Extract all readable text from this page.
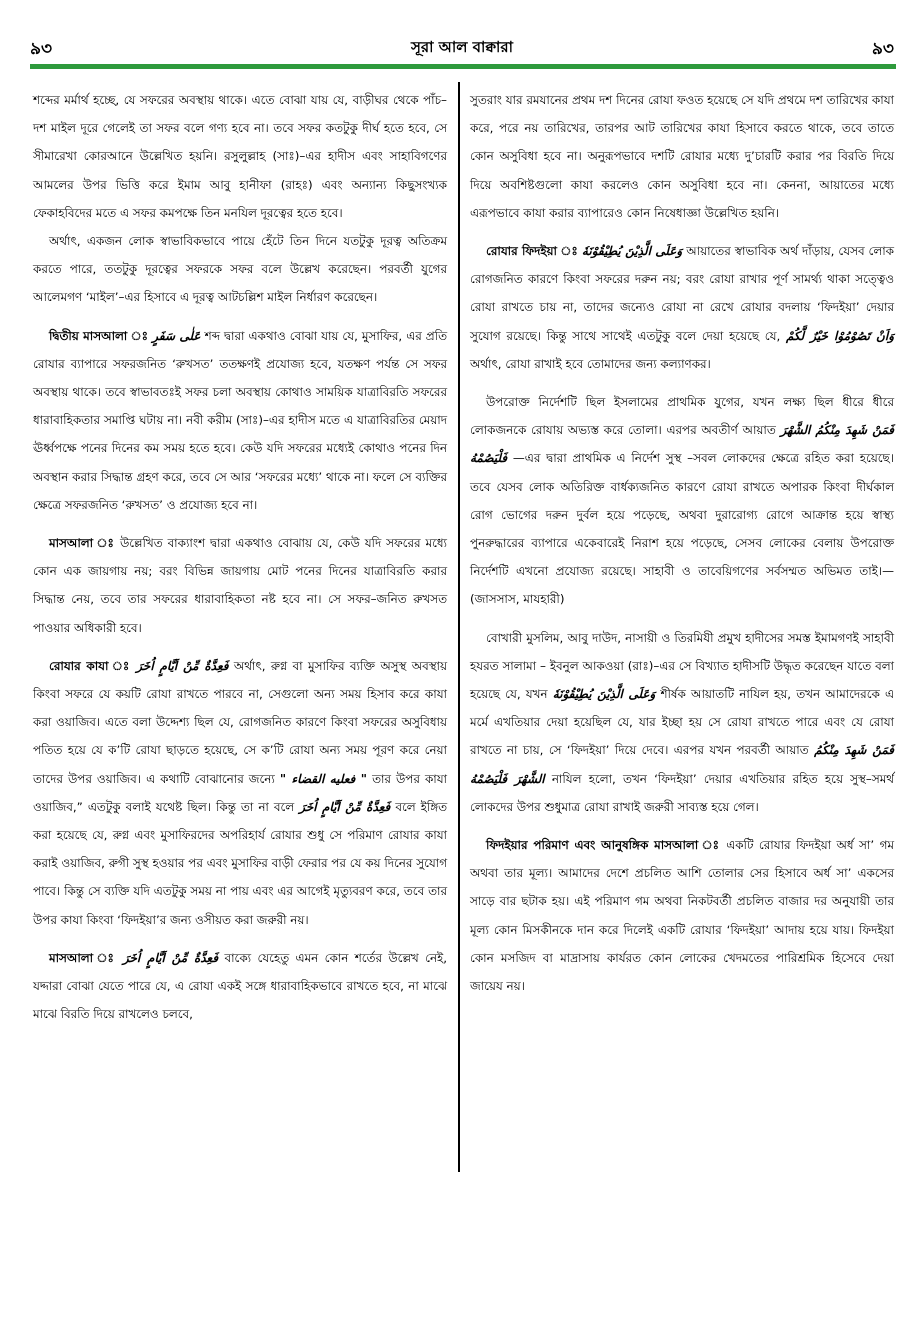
৯৩	সূরা আল বাক্বারা	৯৩

শব্দের মর্মার্থ হচ্ছে, যে সফরের অবস্থায় থাকে। এতে বোঝা যায় যে, বাড়ীঘর থেকে পাঁচ–দশ মাইল দূরে গেলেই তা সফর বলে গণ্য হবে না। তবে সফর কতটুকু দীর্ঘ হতে হবে, সে সীমারেখা কোরআনে উল্লেখিত হয়নি। রসুলুল্লাহ (সাঃ)–এর হাদীস এবং সাহাবিগণের আমলের উপর ভিত্তি করে ইমাম আবু হানীফা (রাহঃ) এবং অন্যান্য কিছুসংখ্যক ফেকাহবিদের মতে এ সফর কমপক্ষে তিন মনযিল দূরত্বের হতে হবে।

অর্থাৎ, একজন লোক স্বাভাবিকভাবে পায়ে হেঁটে তিন দিনে যতটুকু দূরত্ব অতিক্রম করতে পারে, ততটুকু দূরত্বের সফরকে সফর বলে উল্লেখ করেছেন। পরবর্তী যুগের আলেমগণ ‘মাইল’–এর হিসাবে এ দূরত্ব আটচল্লিশ মাইল নির্ধারণ করেছেন।

দ্বিতীয় মাসআলা ঃ عَلٰى سَفَرٍ শব্দ দ্বারা একথাও বোঝা যায় যে, মুসাফির, এর প্রতি রোযার ব্যাপারে সফরজনিত ‘রুখসত’ ততক্ষণই প্রযোজ্য হবে, যতক্ষণ পর্যন্ত সে সফর অবস্থায় থাকে। তবে স্বাভাবতঃই সফর চলা অবস্থায় কোথাও সাময়িক যাত্রাবিরতি সফরের ধারাবাহিকতার সমাপ্তি ঘটায় না। নবী করীম (সাঃ)–এর হাদীস মতে এ যাত্রাবিরতির মেয়াদ ঊর্ধ্বপক্ষে পনের দিনের কম সময় হতে হবে। কেউ যদি সফরের মধ্যেই কোথাও পনের দিন অবস্থান করার সিদ্ধান্ত গ্রহণ করে, তবে সে আর ‘সফরের মধ্যে’ থাকে না। ফলে সে ব্যক্তির ক্ষেত্রে সফরজনিত ‘রুখসত’ ও প্রযোজ্য হবে না।

মাসআলা ঃ উল্লেখিত বাক্যাংশ দ্বারা একথাও বোঝায় যে, কেউ যদি সফরের মধ্যে কোন এক জায়গায় নয়; বরং বিভিন্ন জায়গায় মোট পনের দিনের যাত্রাবিরতি করার সিদ্ধান্ত নেয়, তবে তার সফরের ধারাবাহিকতা নষ্ট হবে না। সে সফর–জনিত রুখসত পাওয়ার অধিকারী হবে।

রোযার কাযা ঃ فَعِدَّةٌ مِّنْ اَيَّامٍ اُخَرَ অর্থাৎ, রুগ্ন বা মুসাফির ব্যক্তি অসুস্থ অবস্থায় কিংবা সফরে যে কয়টি রোযা রাখতে পারবে না, সেগুলো অন্য সময় হিসাব করে কাযা করা ওয়াজিব। এতে বলা উদ্দেশ্য ছিল যে, রোগজনিত কারণে কিংবা সফরের অসুবিধায় পতিত হয়ে যে ক’টি রোযা ছাড়তে হয়েছে, সে ক’টি রোযা অন্য সময় পূরণ করে নেয়া তাদের উপর ওয়াজিব। এ কথাটি বোঝানোর জন্যে " فعليه القضاء " তার উপর কাযা ওয়াজিব,” এতটুকু বলাই যথেষ্ট ছিল। কিন্তু তা না বলে فَعِدَّةٌ مِّنْ اَيَّامٍ اُخَرَ বলে ইঙ্গিত করা হয়েছে যে, রুগ্ন এবং মুসাফিরদের অপরিহার্য রোযার শুধু সে পরিমাণ রোযার কাযা করাই ওয়াজিব, রুগী সুস্থ হওয়ার পর এবং মুসাফির বাড়ী ফেরার পর যে কয় দিনের সুযোগ পাবে। কিন্তু সে ব্যক্তি যদি এতটুকু সময় না পায় এবং এর আগেই মৃত্যুবরণ করে, তবে তার উপর কাযা কিংবা ‘ফিদইয়া’র জন্য ওসীয়ত করা জরুরী নয়।

মাসআলা ঃ فَعِدَّةٌ مِّنْ اَيَّامٍ اُخَرَ বাক্যে যেহেতু এমন কোন শর্তের উল্লেখ নেই, যদ্দারা বোঝা যেতে পারে যে, এ রোযা একই সঙ্গে ধারাবাহিকভাবে রাখতে হবে, না মাঝে মাঝে বিরতি দিয়ে রাখলেও চলবে,

সুতরাং যার রমযানের প্রথম দশ দিনের রোযা ফওত হয়েছে সে যদি প্রথমে দশ তারিখের কাযা করে, পরে নয় তারিখের, তারপর আট তারিখের কাযা হিসাবে করতে থাকে, তবে তাতে কোন অসুবিধা হবে না। অনুরূপভাবে দশটি রোযার মধ্যে দু’চারটি করার পর বিরতি দিয়ে দিয়ে অবশিষ্টগুলো কাযা করলেও কোন অসুবিধা হবে না। কেননা, আয়াতের মধ্যে এরূপভাবে কাযা করার ব্যাপারেও কোন নিষেধাজ্ঞা উল্লেখিত হয়নি।

রোযার ফিদইয়া ঃ وَعَلَى الَّذِيْنَ يُطِيْقُوْنَهٗ আয়াতের স্বাভাবিক অর্থ দাঁড়ায়, যেসব লোক রোগজনিত কারণে কিংবা সফরের দরুন নয়; বরং রোযা রাখার পূর্ণ সামর্থ্য থাকা সত্ত্বেও রোযা রাখতে চায় না, তাদের জন্যেও রোযা না রেখে রোযার বদলায় ‘ফিদইয়া’ দেয়ার সুযোগ রয়েছে। কিন্তু সাথে সাথেই এতটুকু বলে দেয়া হয়েছে যে, وَاَنْ تَصُوْمُوْا خَيْرٌ لَّكُمْ অর্থাৎ, রোযা রাখাই হবে তোমাদের জন্য কল্যাণকর।

উপরোক্ত নির্দেশটি ছিল ইসলামের প্রাথমিক যুগের, যখন লক্ষ্য ছিল ধীরে ধীরে লোকজনকে রোযায় অভ্যস্ত করে তোলা। এরপর অবতীর্ণ আয়াত فَمَنْ شَهِدَ مِنْكُمُ الشَّهْرَ فَلْيَصُمْهُ —এর দ্বারা প্রাথমিক এ নির্দেশ সুস্থ –সবল লোকদের ক্ষেত্রে রহিত করা হয়েছে। তবে যেসব লোক অতিরিক্ত বার্ধক্যজনিত কারণে রোযা রাখতে অপারক কিংবা দীর্ঘকাল রোগ ভোগের দরুন দুর্বল হয়ে পড়েছে, অথবা দুরারোগ্য রোগে আক্রান্ত হয়ে স্বাস্থ্য পুনরুদ্ধারের ব্যাপারে একেবারেই নিরাশ হয়ে পড়েছে, সেসব লোকের বেলায় উপরোক্ত নির্দেশটি এখনো প্রযোজ্য রয়েছে। সাহাবী ও তাবেয়িগণের সর্বসম্মত অভিমত তাই।— (জাসসাস, মাযহারী)

বোখারী মুসলিম, আবু দাউদ, নাসায়ী ও তিরমিযী প্রমুখ হাদীসের সমস্ত ইমামগণই সাহাবী হযরত সালামা – ইবনুল আকওয়া (রাঃ)–এর সে বিখ্যাত হাদীসটি উদ্ধৃত করেছেন যাতে বলা হয়েছে যে, যখন وَعَلَى الَّذِيْنَ يُطِيْقُوْنَهٗ শীর্ষক আয়াতটি নাযিল হয়, তখন আমাদেরকে এ মর্মে এখতিয়ার দেয়া হয়েছিল যে, যার ইচ্ছা হয় সে রোযা রাখতে পারে এবং যে রোযা রাখতে না চায়, সে ‘ফিদইয়া’ দিয়ে দেবে। এরপর যখন পরবর্তী আয়াত فَمَنْ شَهِدَ مِنْكُمُ الشَّهْرَ فَلْيَصُمْهُ নাযিল হলো, তখন ‘ফিদইয়া’ দেয়ার এখতিয়ার রহিত হয়ে সুস্থ–সমর্থ লোকদের উপর শুধুমাত্র রোযা রাখাই জরুরী সাব্যস্ত হয়ে গেল।

ফিদইয়ার পরিমাণ এবং আনুষঙ্গিক মাসআলা ঃ একটি রোযার ফিদইয়া অর্ধ সা’ গম অথবা তার মূল্য। আমাদের দেশে প্রচলিত আশি তোলার সের হিসাবে অর্ধ সা’ একসের সাড়ে বার ছটাক হয়। এই পরিমাণ গম অথবা নিকটবর্তী প্রচলিত বাজার দর অনুযায়ী তার মূল্য কোন মিসকীনকে দান করে দিলেই একটি রোযার ‘ফিদইয়া’ আদায় হয়ে যায়। ফিদইয়া কোন মসজিদ বা মাদ্রাসায় কার্যরত কোন লোকের খেদমতের পারিশ্রমিক হিসেবে দেয়া জায়েয নয়।
